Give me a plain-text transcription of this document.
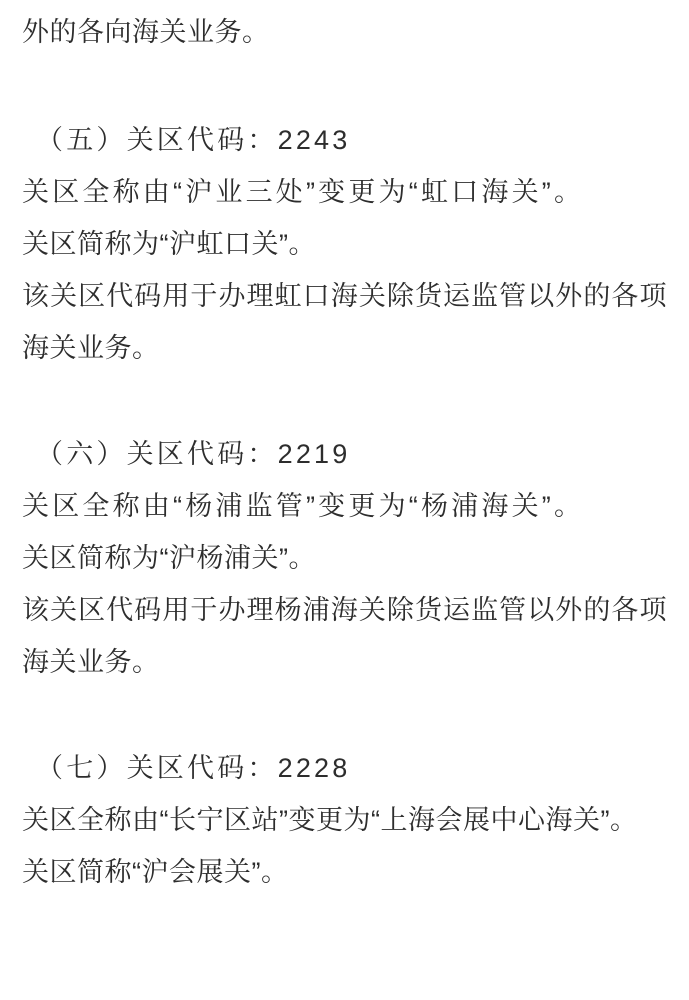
外的各向海关业务。
（五）关区代码：2243
关区全称由“沪业三处”变更为“虹口海关”。
关区简称为“沪虹口关”。
该关区代码用于办理虹口海关除货运监管以外的各项海关业务。
（六）关区代码：2219
关区全称由“杨浦监管”变更为“杨浦海关”。
关区简称为“沪杨浦关”。
该关区代码用于办理杨浦海关除货运监管以外的各项海关业务。
（七）关区代码：2228
关区全称由“长宁区站”变更为“上海会展中心海关”。
关区简称“沪会展关”。
